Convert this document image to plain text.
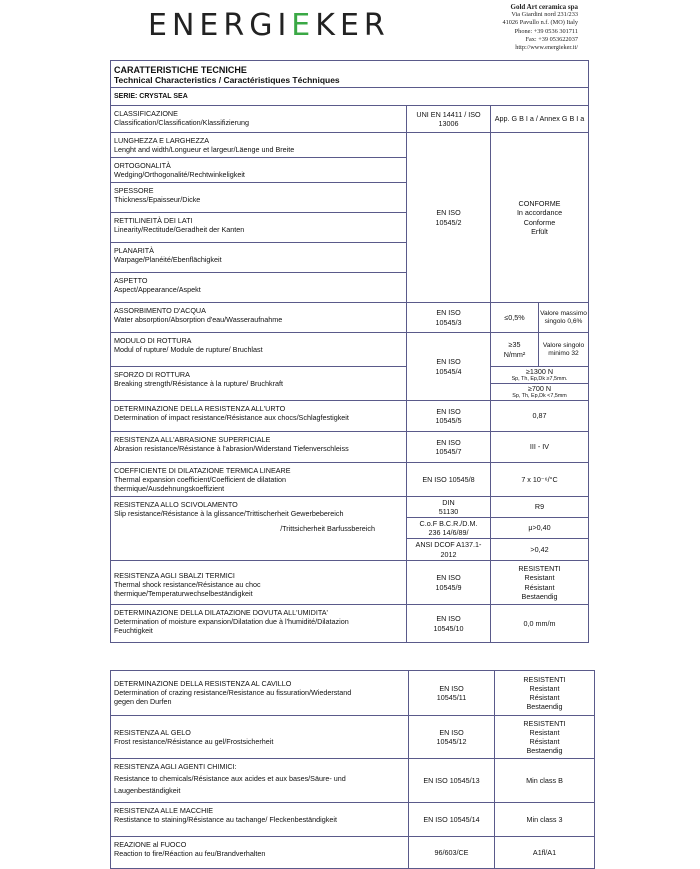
ENERGIEKER
Gold Art ceramica spa
Via Giardini nord 231/233
41026 Pavullo n.f. (MO) Italy
Phone: +39 0536 301711
Fax: +39 053622037
http://www.energieker.it/
CARATTERISTICHE TECNICHE
Technical Characteristics / Caractéristiques Téchniques			

SERIE: CRYSTAL SEA			

CLASSIFICAZIONE
Classification/Classification/Klassifizierung	UNI EN 14411 / ISO 13006	App. G B I a / Annex G B I a	

LUNGHEZZA E LARGHEZZA
Lenght and width/Longueur et largeur/Läenge und Breite	EN ISO
10545/2	CONFORME
In accordance
Conforme
Erfült	

ORTOGONALITÀ
Wedging/Orthogonalité/Rechtwinkeligkeit			

SPESSORE
Thickness/Epaisseur/Dicke			

RETTILINEITÀ DEI LATI
Linearity/Rectitude/Geradheit der Kanten			

PLANARITÀ
Warpage/Planéité/Ebenflächigkeit			

ASPETTO
Aspect/Appearance/Aspekt			

ASSORBIMENTO D'ACQUA
Water absorption/Absorption d'eau/Wasseraufnahme	EN ISO
10545/3	≤0,5%	Valore massimo singolo 0,6%

MODULO DI ROTTURA
Modul of rupture/ Module de rupture/ Bruchlast	EN ISO
10545/4	≥35
N/mm²	Valore singolo minimo 32

SFORZO DI ROTTURA
Breaking strength/Résistance à la rupture/ Bruchkraft		≥1300 N
Sp, Th, Ep,Dk ≥7,5mm.	

		≥700 N
Sp, Th, Ep,Dk <7,5mm	

DETERMINAZIONE DELLA RESISTENZA ALL'URTO
Determination of impact resistance/Résistance aux chocs/Schlagfestigkeit	EN ISO
10545/5	0,87	

RESISTENZA ALL'ABRASIONE SUPERFICIALE
Abrasion resistance/Résistance à l'abrasion/Widerstand Tiefenverschleiss	EN ISO
10545/7	III - IV	

COEFFICIENTE DI DILATAZIONE TERMICA LINEARE
Thermal expansion coefficient/Coefficient de dilatation
thermique/Ausdehnungskoeffizient	EN ISO 10545/8	7 x 10⁻⁶/°C	

RESISTENZA ALLO SCIVOLAMENTO
Slip resistance/Résistance à la glissance/Trittischerheit Gewerbebereich
/Trittsicherheit Barfussbereich	DIN
51130	R9	

	C.o.F B.C.R./D.M.
236 14/6/89/	μ>0,40	

	ANSI DCOF A137.1-
2012	>0,42	

RESISTENZA AGLI SBALZI TERMICI
Thermal shock resistance/Résistance au choc
thermique/Temperaturwechselbeständigkeit	EN ISO
10545/9	RESISTENTI
Resistant
Résistant
Bestaendig	

DETERMINAZIONE DELLA DILATAZIONE DOVUTA ALL'UMIDITA'
Determination of moisture expansion/Dilatation due à l'humidité/Dilatazion
Feuchtigkeit	EN ISO
10545/10	0,0 mm/m	
DETERMINAZIONE DELLA RESISTENZA AL CAVILLO
Determination of crazing resistance/Resistance au fissuration/Wiederstand
gegen den Durfen	EN ISO
10545/11	RESISTENTI
Resistant
Résistant
Bestaendig

RESISTENZA AL GELO
Frost resistance/Résistance au gel/Frostsicherheit	EN ISO
10545/12	RESISTENTI
Resistant
Résistant
Bestaendig

RESISTENZA AGLI AGENTI CHIMICI:
Resistance to chemicals/Résistance aux acides et aux bases/Säure- und
Laugenbeständigkeit	EN ISO 10545/13	Min class B

RESISTENZA ALLE MACCHIE
Restistance to staining/Résistance au tachange/ Fleckenbeständigkeit	EN ISO 10545/14	Min class 3

REAZIONE al FUOCO
Reaction to fire/Réaction au feu/Brandverhalten	96/603/CE	A1fl/A1
